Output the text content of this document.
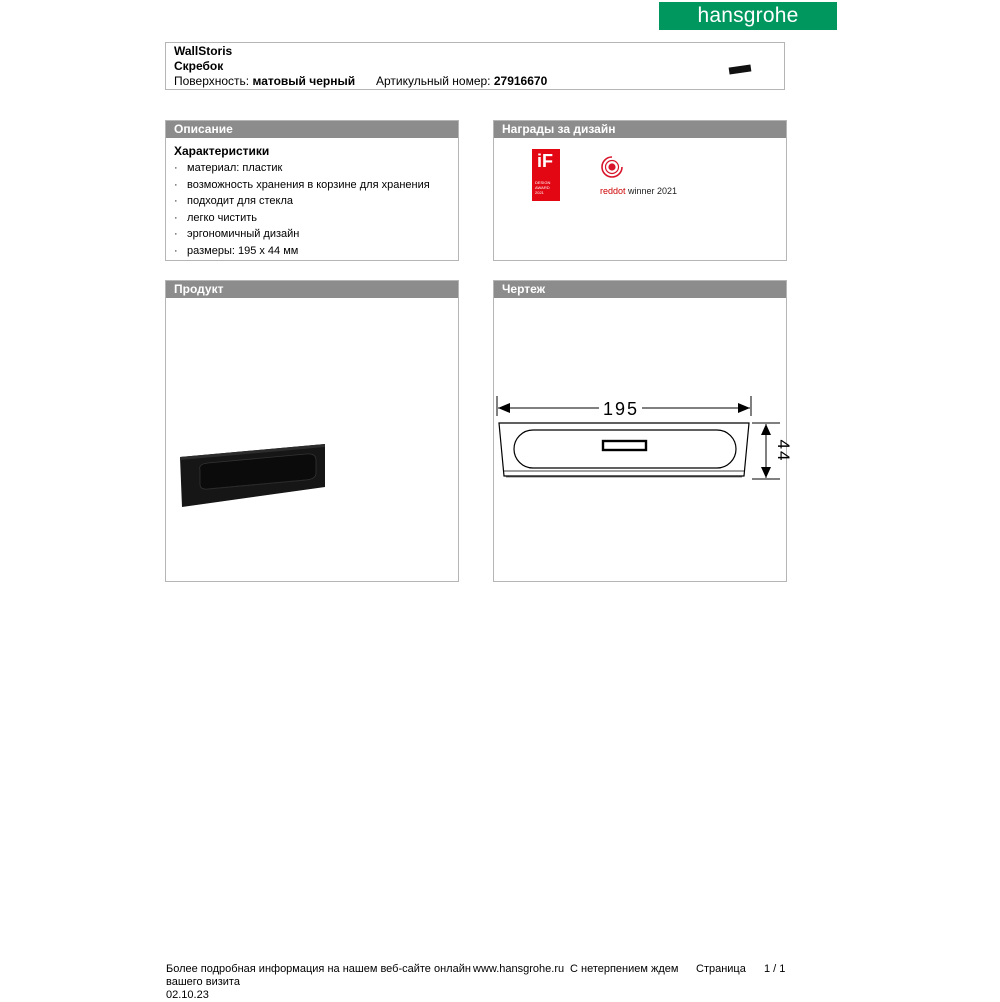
hansgrohe
WallStoris
Скребок
Поверхность: матовый черный Артикульный номер: 27916670
Описание
Характеристики
· материал: пластик
· возможность хранения в корзине для хранения
· подходит для стекла
· легко чистить
· эргономичный дизайн
· размеры: 195 x 44 мм
Награды за дизайн
iF
DESIGN
AWARD
2021	reddot winner 2021
Продукт	Чертеж
195
44
Более подробная информация на нашем веб-сайте онлайн www.hansgrohe.ru С нетерпением ждем Страница 1 / 1
вашего визита
02.10.23
